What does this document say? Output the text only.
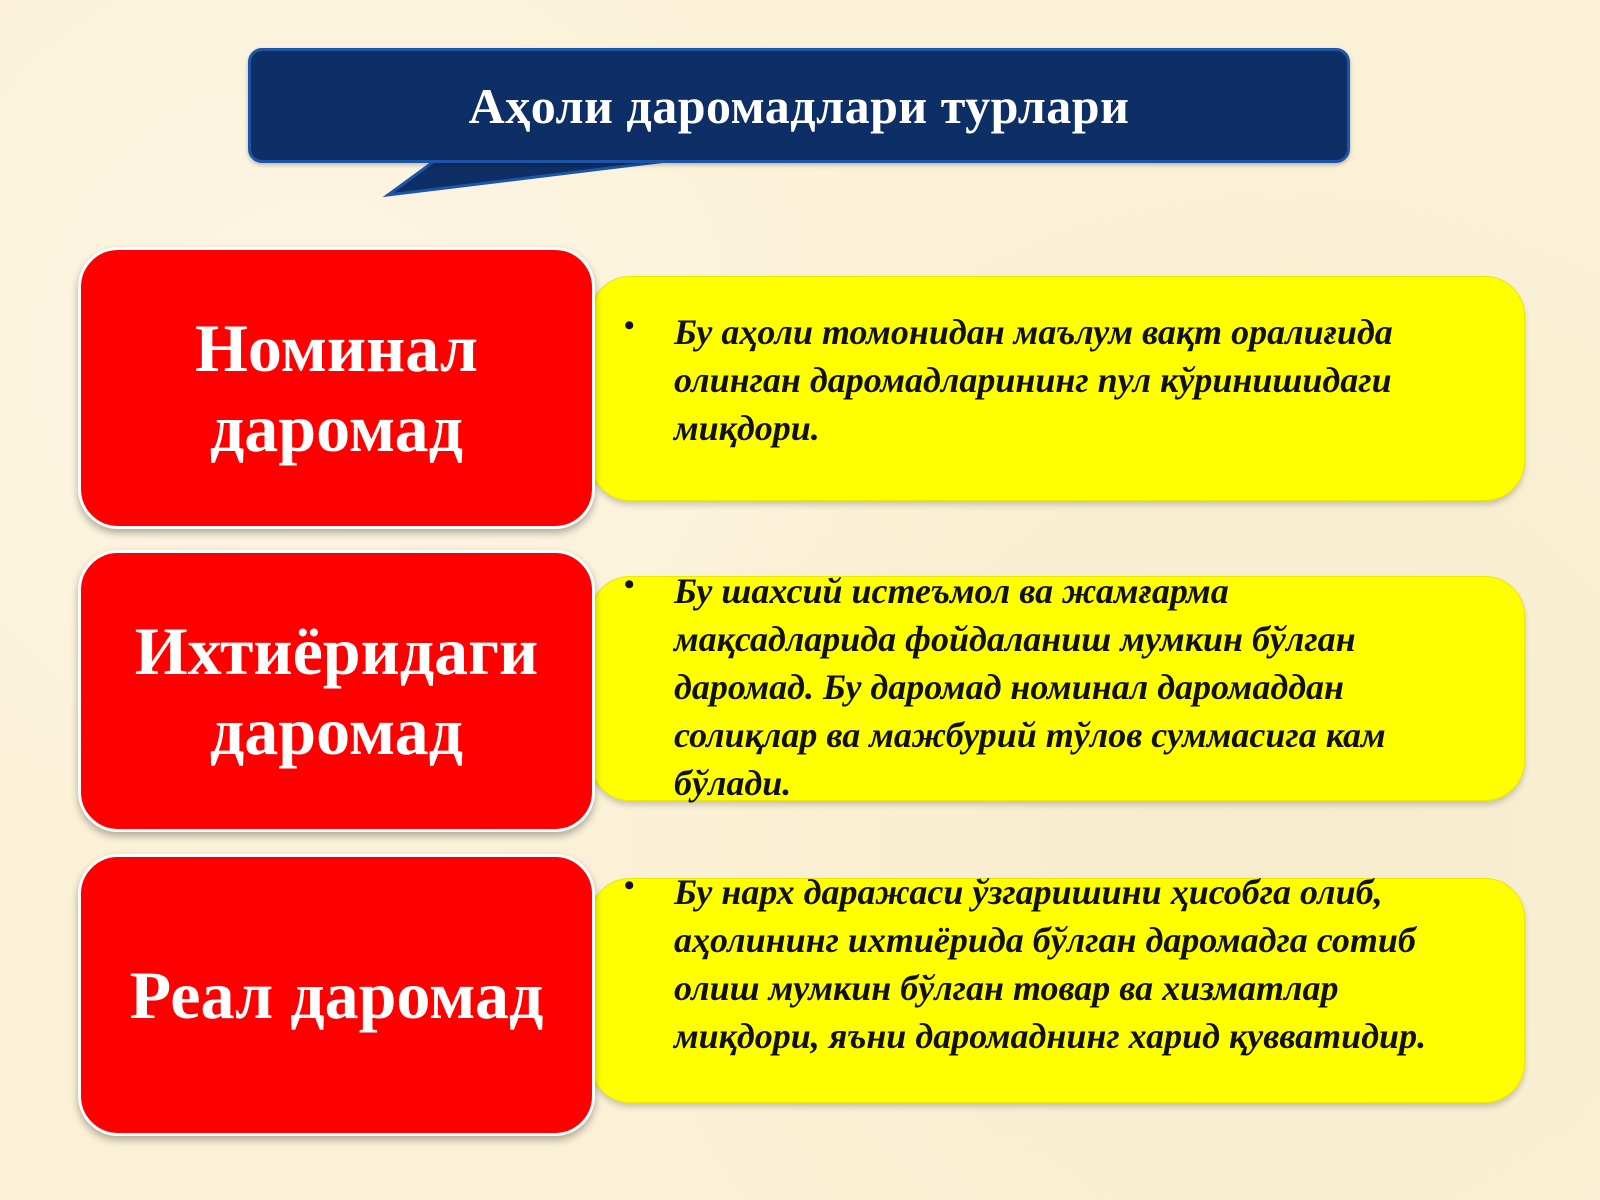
Аҳоли даромадлари турлари
Номинал даромад
•	Бу аҳоли томонидан маълум вақт оралиғида олинган даромадларининг пул кўринишидаги миқдори.
Ихтиёридаги даромад
•	Бу шахсий истеъмол ва жамғарма мақсадларида фойдаланиш мумкин бўлган даромад. Бу даромад номинал даромаддан солиқлар ва мажбурий тўлов суммасига кам бўлади.
Реал даромад
•	Бу нарх даражаси ўзгаришини ҳисобга олиб, аҳолининг ихтиёрида бўлган даромадга сотиб олиш мумкин бўлган товар ва хизматлар миқдори, яъни даромаднинг харид қувватидир.
